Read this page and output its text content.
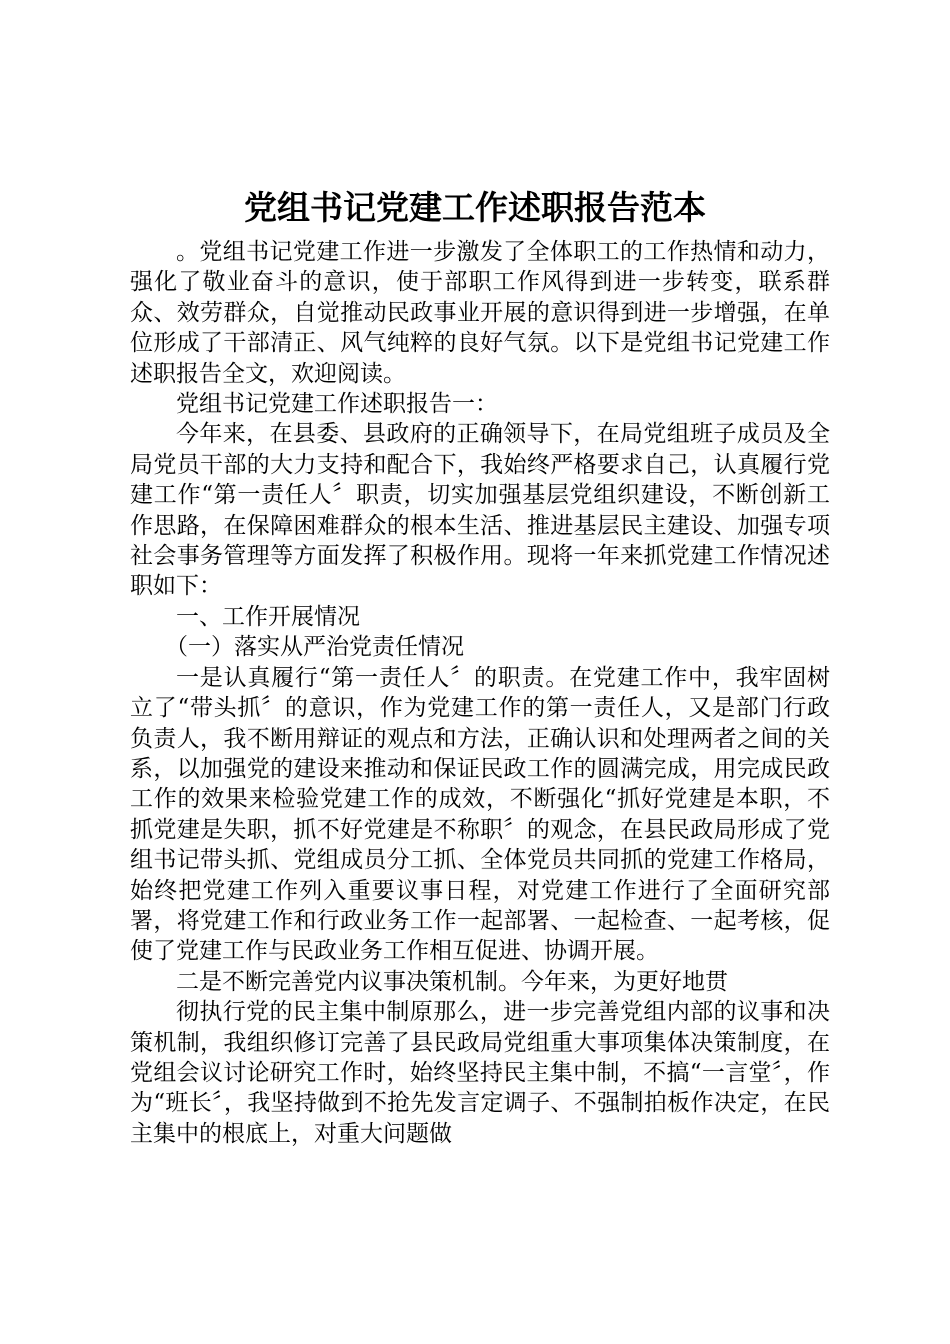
党组书记党建工作述职报告范本

。党组书记党建工作进一步激发了全体职工的工作热情和动力，强化了敬业奋斗的意识，使于部职工作风得到进一步转变，联系群众、效劳群众，自觉推动民政事业开展的意识得到进一步增强，在单位形成了干部清正、风气纯粹的良好气氛。以下是党组书记党建工作述职报告全文，欢迎阅读。

党组书记党建工作述职报告一：

今年来，在县委、县政府的正确领导下，在局党组班子成员及全局党员干部的大力支持和配合下，我始终严格要求自己，认真履行党建工作“第一责任人〞职责，切实加强基层党组织建设，不断创新工作思路，在保障困难群众的根本生活、推进基层民主建设、加强专项社会事务管理等方面发挥了积极作用。现将一年来抓党建工作情况述职如下：

一、工作开展情况

（一）落实从严治党责任情况

一是认真履行“第一责任人〞的职责。在党建工作中，我牢固树立了“带头抓〞的意识，作为党建工作的第一责任人，又是部门行政负责人，我不断用辩证的观点和方法，正确认识和处理两者之间的关系，以加强党的建设来推动和保证民政工作的圆满完成，用完成民政工作的效果来检验党建工作的成效，不断强化“抓好党建是本职，不抓党建是失职，抓不好党建是不称职〞的观念，在县民政局形成了党组书记带头抓、党组成员分工抓、全体党员共同抓的党建工作格局，始终把党建工作列入重要议事日程，对党建工作进行了全面研究部署，将党建工作和行政业务工作一起部署、一起检查、一起考核，促使了党建工作与民政业务工作相互促进、协调开展。

二是不断完善党内议事决策机制。今年来，为更好地贯

彻执行党的民主集中制原那么，进一步完善党组内部的议事和决策机制，我组织修订完善了县民政局党组重大事项集体决策制度，在党组会议讨论研究工作时，始终坚持民主集中制，不搞“一言堂〞，作为“班长〞，我坚持做到不抢先发言定调子、不强制拍板作决定，在民主集中的根底上，对重大问题做
